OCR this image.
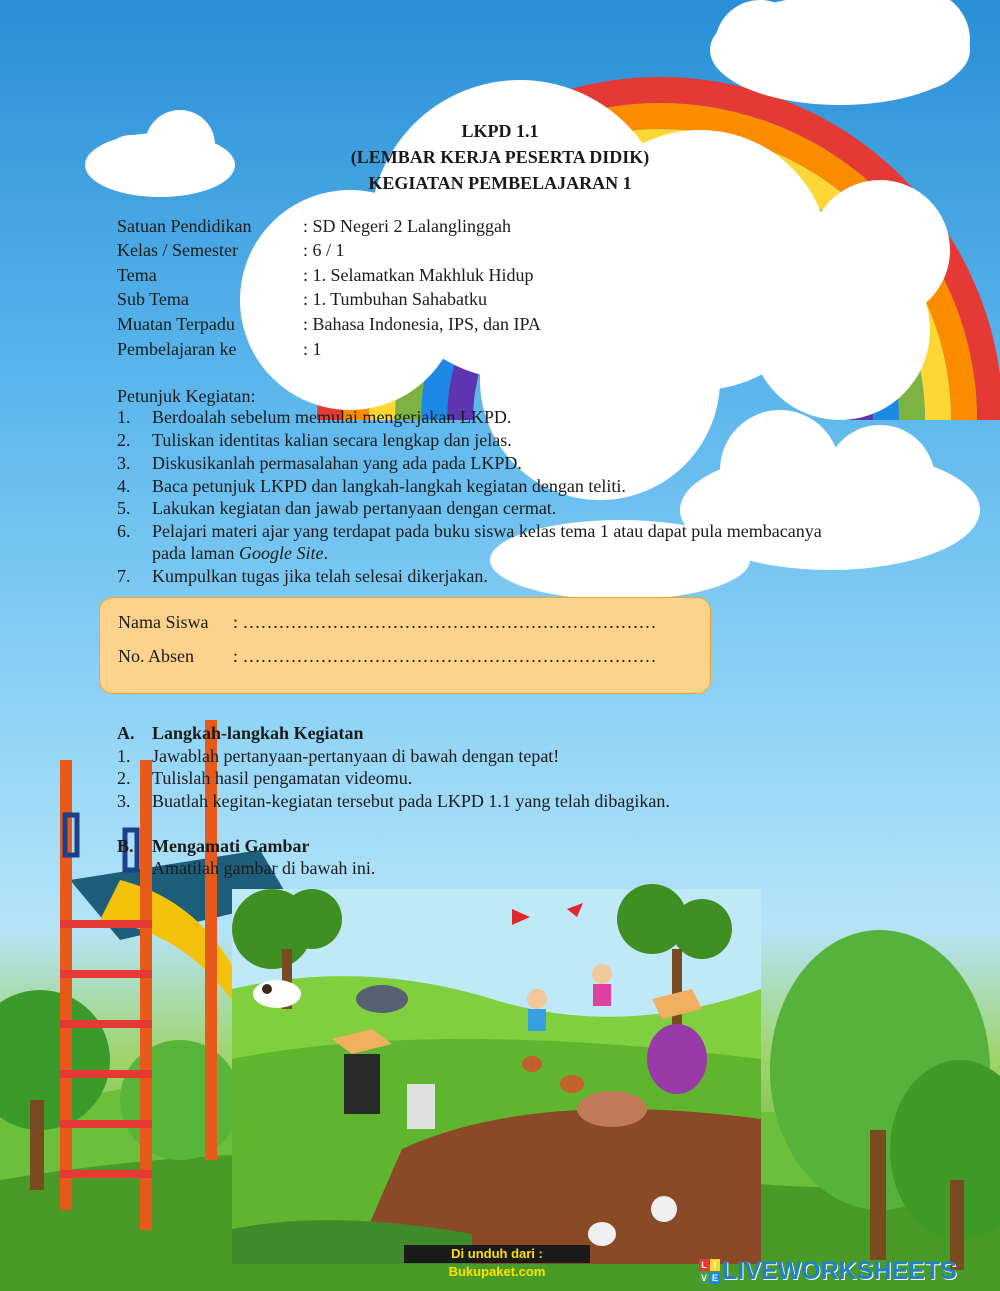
LKPD 1.1
(LEMBAR KERJA PESERTA DIDIK)
KEGIATAN PEMBELAJARAN 1
Satuan Pendidikan	: SD Negeri 2 Lalanglinggah
Kelas / Semester	: 6 / 1
Tema	: 1. Selamatkan Makhluk Hidup
Sub Tema	: 1. Tumbuhan Sahabatku
Muatan Terpadu	: Bahasa Indonesia, IPS, dan IPA
Pembelajaran ke	: 1
Petunjuk Kegiatan:
1. Berdoalah sebelum memulai mengerjakan LKPD.
2. Tuliskan identitas kalian secara lengkap dan jelas.
3. Diskusikanlah permasalahan yang ada pada LKPD.
4. Baca petunjuk LKPD dan langkah-langkah kegiatan dengan teliti.
5. Lakukan kegiatan dan jawab pertanyaan dengan cermat.
6. Pelajari materi ajar yang terdapat pada buku siswa kelas tema 1 atau dapat pula membacanya
pada laman Google Site.
7. Kumpulkan tugas jika telah selesai dikerjakan.
Nama Siswa : ……………………………………………………………
No. Absen : ……………………………………………………………
A. Langkah-langkah Kegiatan
1. Jawablah pertanyaan-pertanyaan di bawah dengan tepat!
2. Tulislah hasil pengamatan videomu.
3. Buatlah kegitan-kegiatan tersebut pada LKPD 1.1 yang telah dibagikan.
B. Mengamati Gambar
Amatilah gambar di bawah ini.
Di unduh dari : Bukupaket.com	L I
V E LIVEWORKSHEETS
